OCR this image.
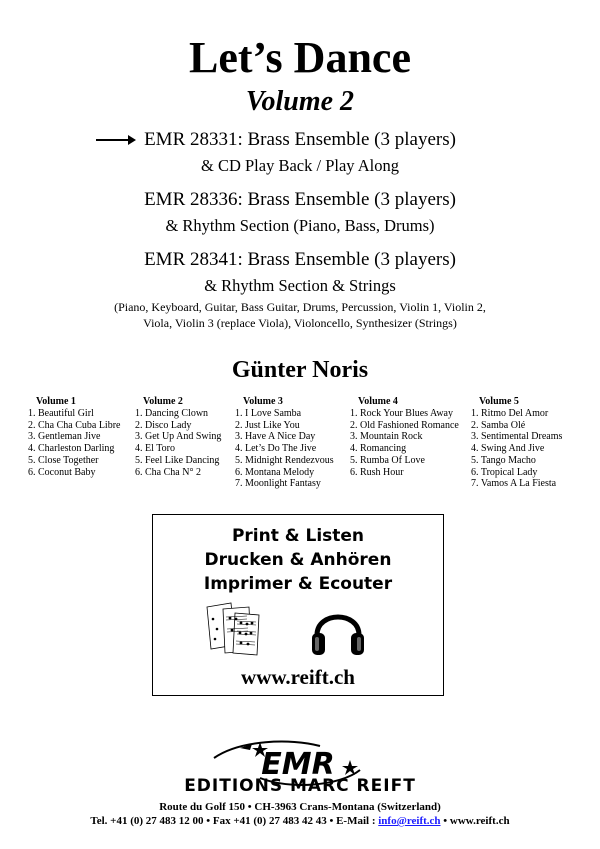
Let’s Dance
Volume 2
EMR 28331: Brass Ensemble (3 players)
& CD Play Back / Play Along
EMR 28336: Brass Ensemble (3 players)
& Rhythm Section (Piano, Bass, Drums)
EMR 28341: Brass Ensemble (3 players)
& Rhythm Section & Strings
(Piano, Keyboard, Guitar, Bass Guitar, Drums, Percussion, Violin 1, Violin 2,
Viola, Violin 3 (replace Viola), Violoncello, Synthesizer (Strings)
Günter Noris
Volume 1
1. Beautiful Girl
2. Cha Cha Cuba Libre
3. Gentleman Jive
4. Charleston Darling
5. Close Together
6. Coconut Baby
Volume 2
1. Dancing Clown
2. Disco Lady
3. Get Up And Swing
4. El Toro
5. Feel Like Dancing
6. Cha Cha N° 2
Volume 3
1. I Love Samba
2. Just Like You
3. Have A Nice Day
4. Let’s Do The Jive
5. Midnight Rendezvous
6. Montana Melody
7. Moonlight Fantasy
Volume 4
1. Rock Your Blues Away
2. Old Fashioned Romance
3. Mountain Rock
4. Romancing
5. Rumba Of Love
6. Rush Hour
Volume 5
1. Ritmo Del Amor
2. Samba Olé
3. Sentimental Dreams
4. Swing And Jive
5. Tango Macho
6. Tropical Lady
7. Vamos A La Fiesta
Print & Listen
Drucken & Anhören
Imprimer & Ecouter
www.reift.ch
EMR
EDITIONS MARC REIFT
Route du Golf 150 • CH-3963 Crans-Montana (Switzerland)
Tel. +41 (0) 27 483 12 00 • Fax +41 (0) 27 483 42 43 • E-Mail : info@reift.ch • www.reift.ch
